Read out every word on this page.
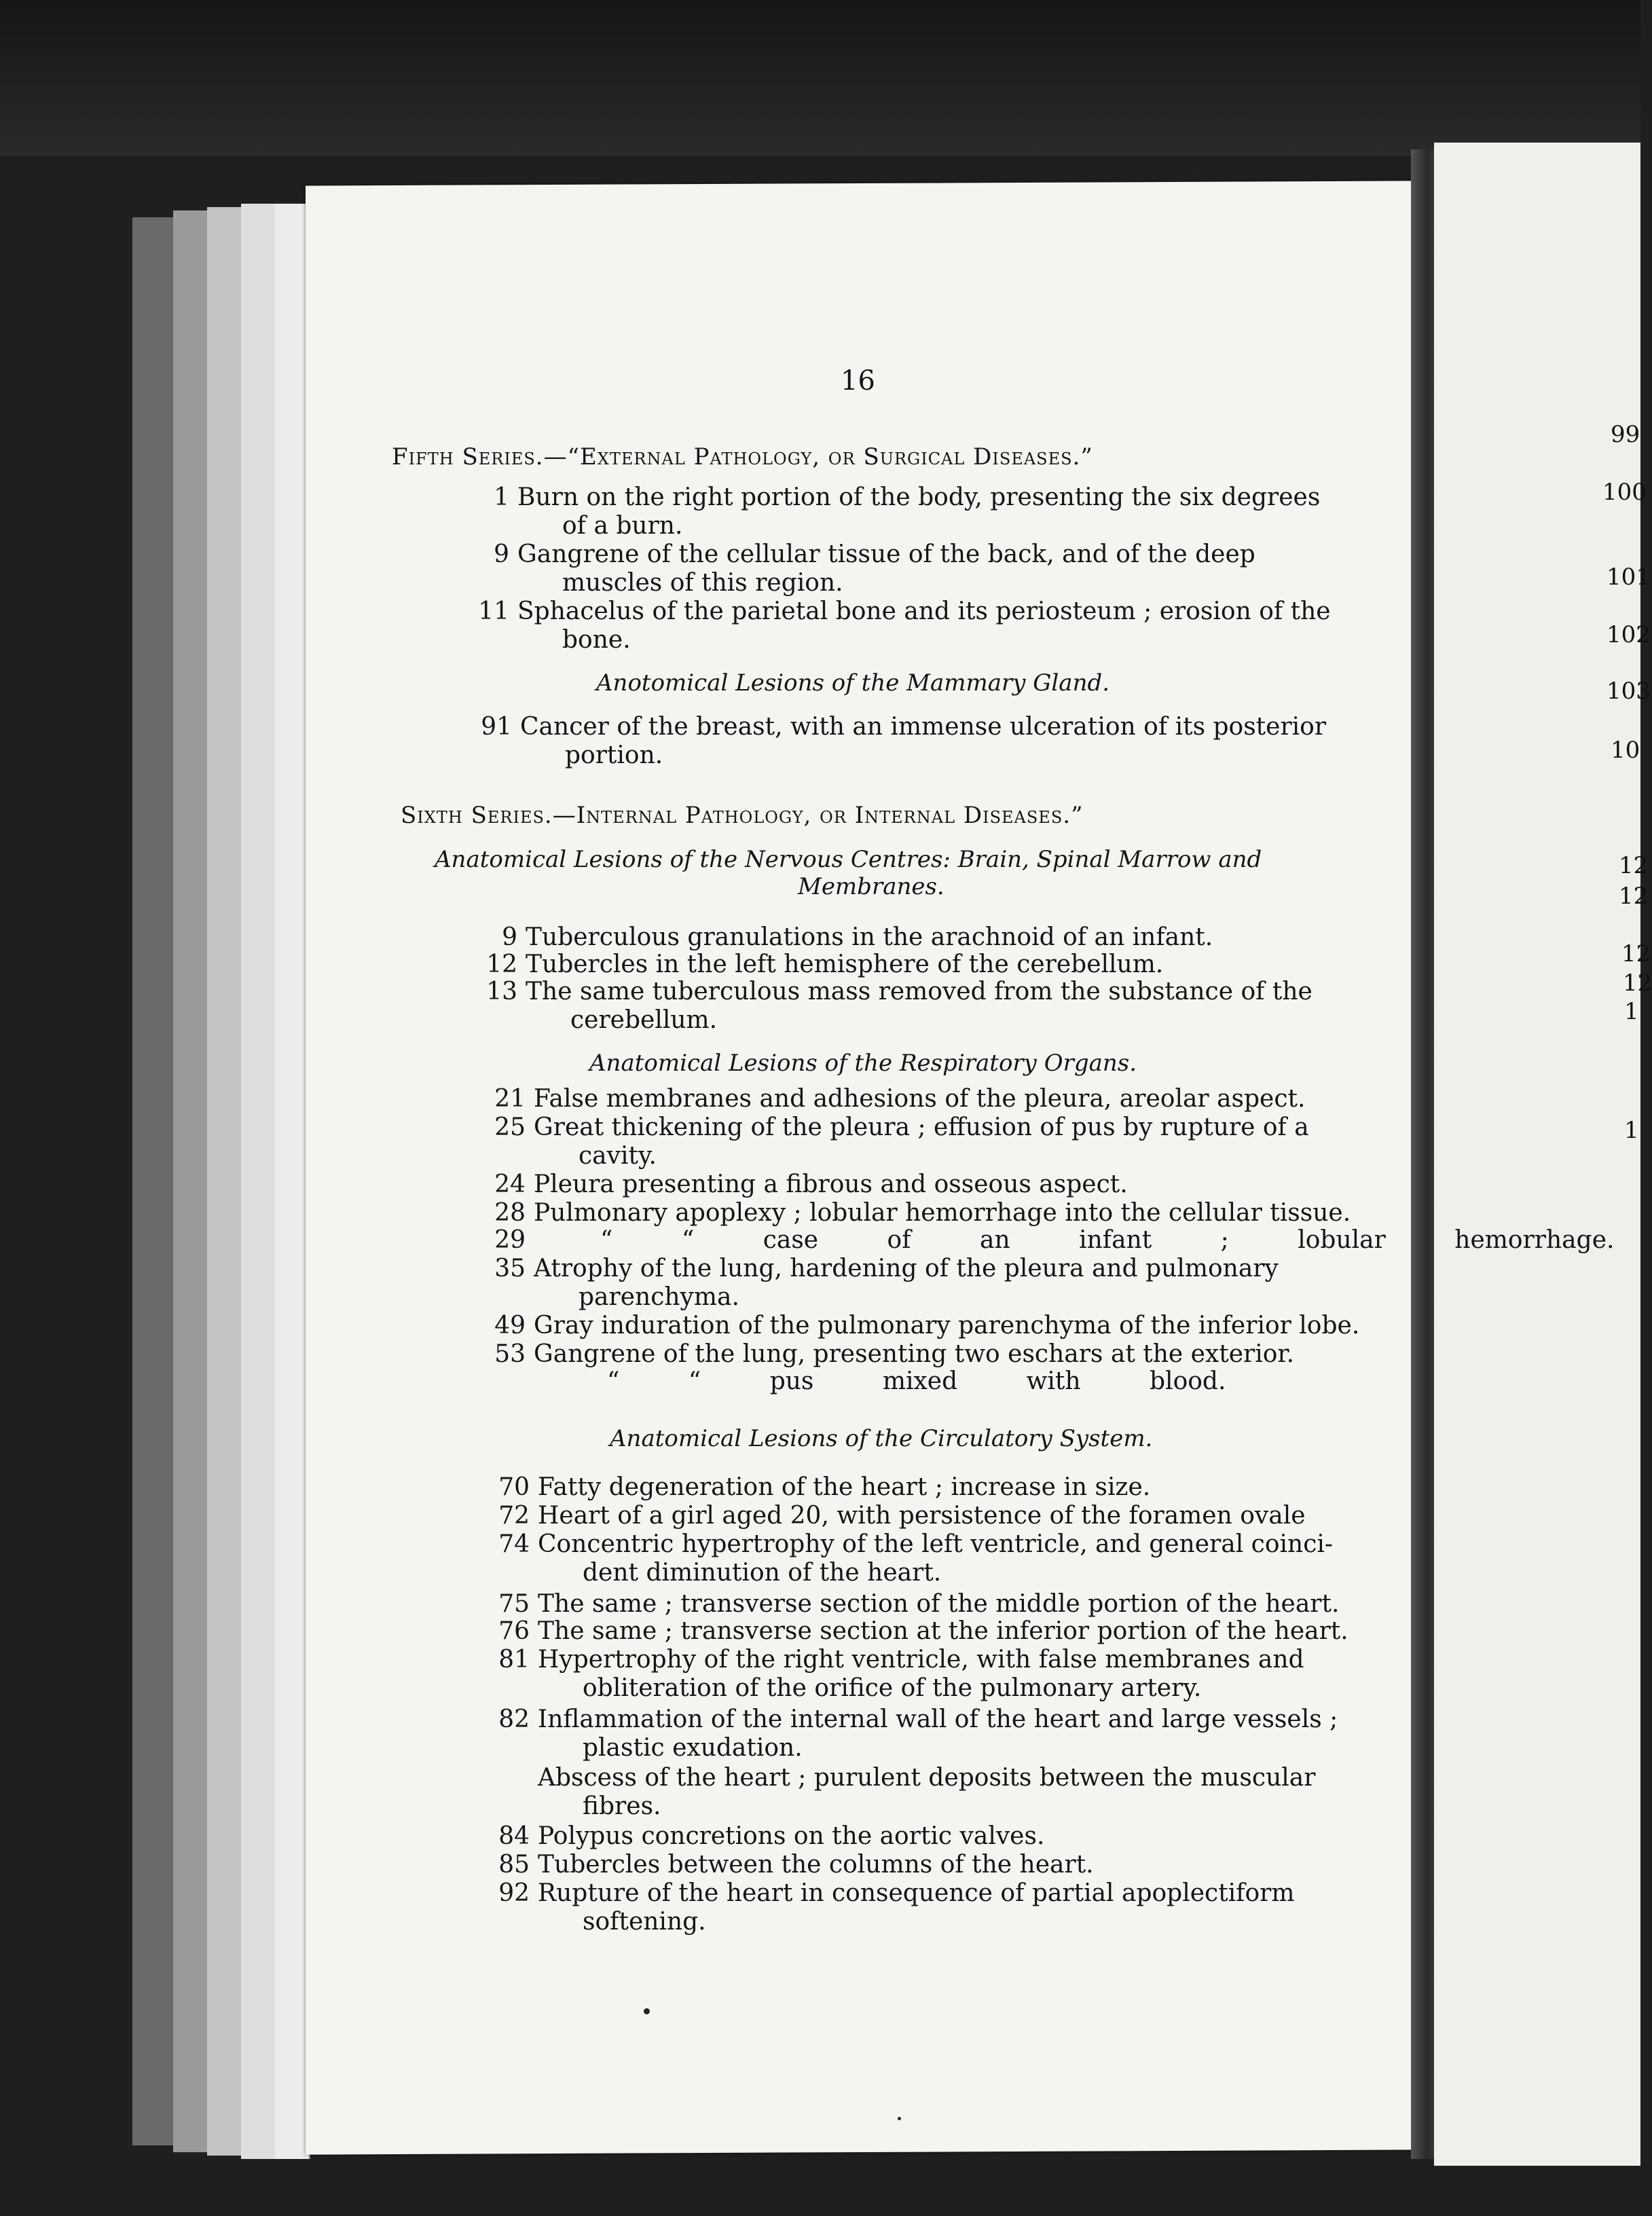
99
100
101
102
103
10
12
12
12
12
1
1
16
Fifth Series.—“External Pathology, or Surgical Diseases.”
1 Burn on the right portion of the body, presenting the six degrees
of a burn.
9 Gangrene of the cellular tissue of the back, and of the deep
muscles of this region.
11 Sphacelus of the parietal bone and its periosteum ; erosion of the
bone.
Anotomical Lesions of the Mammary Gland.
91 Cancer of the breast, with an immense ulceration of its posterior
portion.
Sixth Series.—Internal Pathology, or Internal Diseases.”
Anatomical Lesions of the Nervous Centres: Brain, Spinal Marrow and
Membranes.
9 Tuberculous granulations in the arachnoid of an infant.
12 Tubercles in the left hemisphere of the cerebellum.
13 The same tuberculous mass removed from the substance of the
cerebellum.
Anatomical Lesions of the Respiratory Organs.
21 False membranes and adhesions of the pleura, areolar aspect.
25 Great thickening of the pleura ; effusion of pus by rupture of a
cavity.
24 Pleura presenting a fibrous and osseous aspect.
28 Pulmonary apoplexy ; lobular hemorrhage into the cellular tissue.
29	“ “ case of an infant ; lobular hemorrhage.
35 Atrophy of the lung, hardening of the pleura and pulmonary
parenchyma.
49 Gray induration of the pulmonary parenchyma of the inferior lobe.
53 Gangrene of the lung, presenting two eschars at the exterior.
“ “ pus mixed with blood.
Anatomical Lesions of the Circulatory System.
70 Fatty degeneration of the heart ; increase in size.
72 Heart of a girl aged 20, with persistence of the foramen ovale
74 Concentric hypertrophy of the left ventricle, and general coinci-
dent diminution of the heart.
75 The same ; transverse section of the middle portion of the heart.
76 The same ; transverse section at the inferior portion of the heart.
81 Hypertrophy of the right ventricle, with false membranes and
obliteration of the orifice of the pulmonary artery.
82 Inflammation of the internal wall of the heart and large vessels ;
plastic exudation.
Abscess of the heart ; purulent deposits between the muscular
fibres.
84 Polypus concretions on the aortic valves.
85 Tubercles between the columns of the heart.
92 Rupture of the heart in consequence of partial apoplectiform
softening.
